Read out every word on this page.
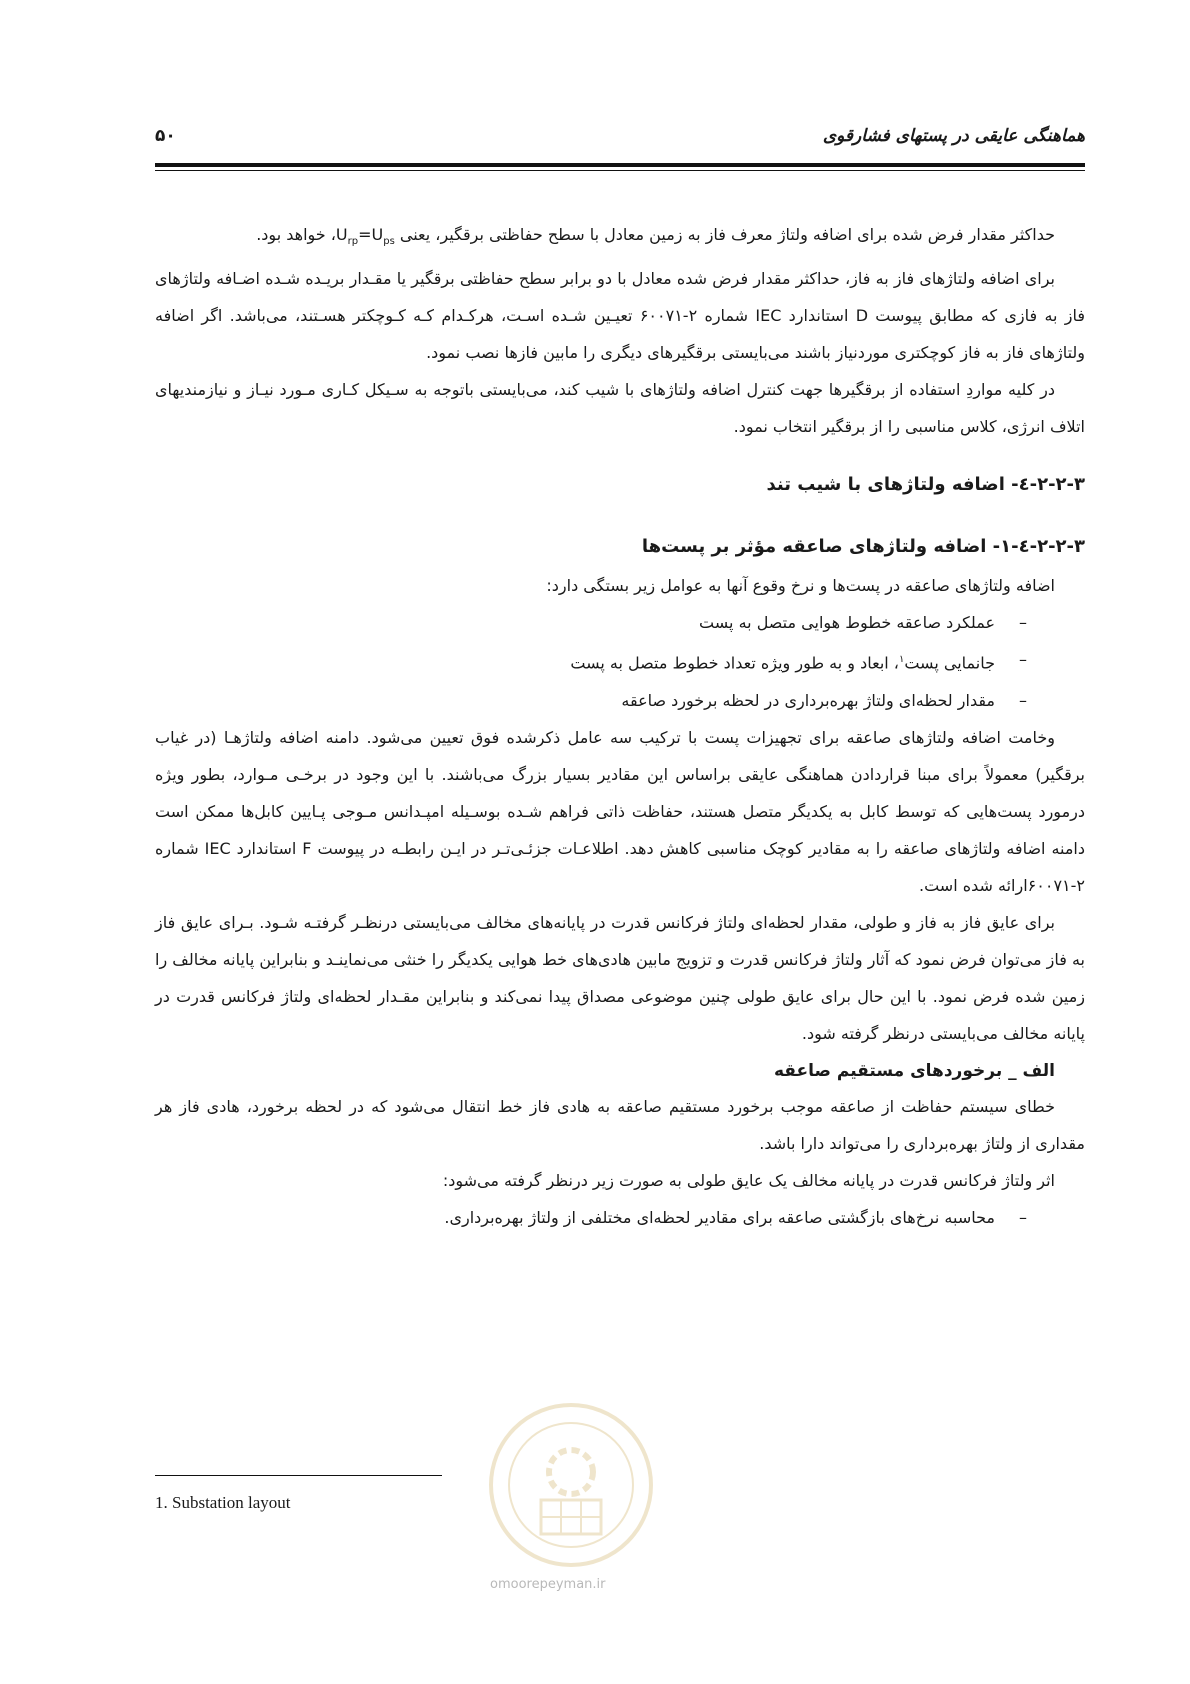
۵۰	هماهنگی عایقی در پستهای فشارقوی

حداکثر مقدار فرض شده برای اضافه ولتاژ معرف فاز به زمین معادل با سطح حفاظتی برقگیر، یعنی $U_{rp}=U_{ps}،$ خواهد بود.

برای اضافه ولتاژهای فاز به فاز، حداکثر مقدار فرض شده معادل با دو برابر سطح حفاظتی برقگیر یا مقـدار بریـده شـده اضـافه ولتاژهای فاز به فازی که مطابق پیوست D استاندارد IEC شماره ۲-۶۰۰۷۱ تعیـین شـده اسـت، هرکـدام کـه کـوچکتر هسـتند، می‌باشد. اگر اضافه ولتاژهای فاز به فاز کوچکتری موردنیاز باشند می‌بایستی برقگیرهای دیگری را مابین فازها نصب نمود.

در کلیه مواردِ استفاده از برقگیرها جهت کنترل اضافه ولتاژهای با شیب کند، می‌بایستی باتوجه به سـیکل کـاری مـورد نیـاز و نیازمندیهای اتلاف انرژی، کلاس مناسبی را از برقگیر انتخاب نمود.

۲-۲-۳-٤- اضافه ولتاژهای با شیب تند
۲-۲-۳-٤-۱- اضافه ولتاژهای صاعقه مؤثر بر پست‌ها

اضافه ولتاژهای صاعقه در پست‌ها و نرخ وقوع آنها به عوامل زیر بستگی دارد:

–
عملکرد صاعقه خطوط هوایی متصل به پست
–
جانمایی پست$^۱$، ابعاد و به طور ویژه تعداد خطوط متصل به پست
–
مقدار لحظه‌ای ولتاژ بهره‌برداری در لحظه برخورد صاعقه

وخامت اضافه ولتاژهای صاعقه برای تجهیزات پست با ترکیب سه عامل ذکرشده فوق تعیین می‌شود. دامنه اضافه ولتاژهـا (در غیاب برقگیر) معمولاً برای مبنا قراردادن هماهنگی عایقی براساس این مقادیر بسیار بزرگ می‌باشند. با این وجود در برخـی مـوارد، بطور ویژه درمورد پست‌هایی که توسط کابل به یکدیگر متصل هستند، حفاظت ذاتی فراهم شـده بوسـیله امپـدانس مـوجی پـایین کابل‌ها ممکن است دامنه اضافه ولتاژهای صاعقه را به مقادیر کوچک مناسبی کاهش دهد. اطلاعـات جزئـی‌تـر در ایـن رابطـه در پیوست F استاندارد IEC شماره ۲-۶۰۰۷۱ارائه شده است.

برای عایق فاز به فاز و طولی، مقدار لحظه‌ای ولتاژ فرکانس قدرت در پایانه‌های مخالف می‌بایستی درنظـر گرفتـه شـود. بـرای عایق فاز به فاز می‌توان فرض نمود که آثار ولتاژ فرکانس قدرت و تزویج مابین هادی‌های خط هوایی یکدیگر را خنثی می‌نماینـد و بنابراین پایانه مخالف را زمین شده فرض نمود. با این حال برای عایق طولی چنین موضوعی مصداق پیدا نمی‌کند و بنابراین مقـدار لحظه‌ای ولتاژ فرکانس قدرت در پایانه مخالف می‌بایستی درنظر گرفته شود.

الف _ برخوردهای مستقیم صاعقه

خطای سیستم حفاظت از صاعقه موجب برخورد مستقیم صاعقه به هادی فاز خط انتقال می‌شود که در لحظه برخورد، هادی فاز هر مقداری از ولتاژ بهره‌برداری را می‌تواند دارا باشد.

اثر ولتاژ فرکانس قدرت در پایانه مخالف یک عایق طولی به صورت زیر درنظر گرفته می‌شود:

–
محاسبه نرخ‌های بازگشتی صاعقه برای مقادیر لحظه‌ای مختلفی از ولتاژ بهره‌برداری.
omoorepeyman.ir
1. Substation layout
